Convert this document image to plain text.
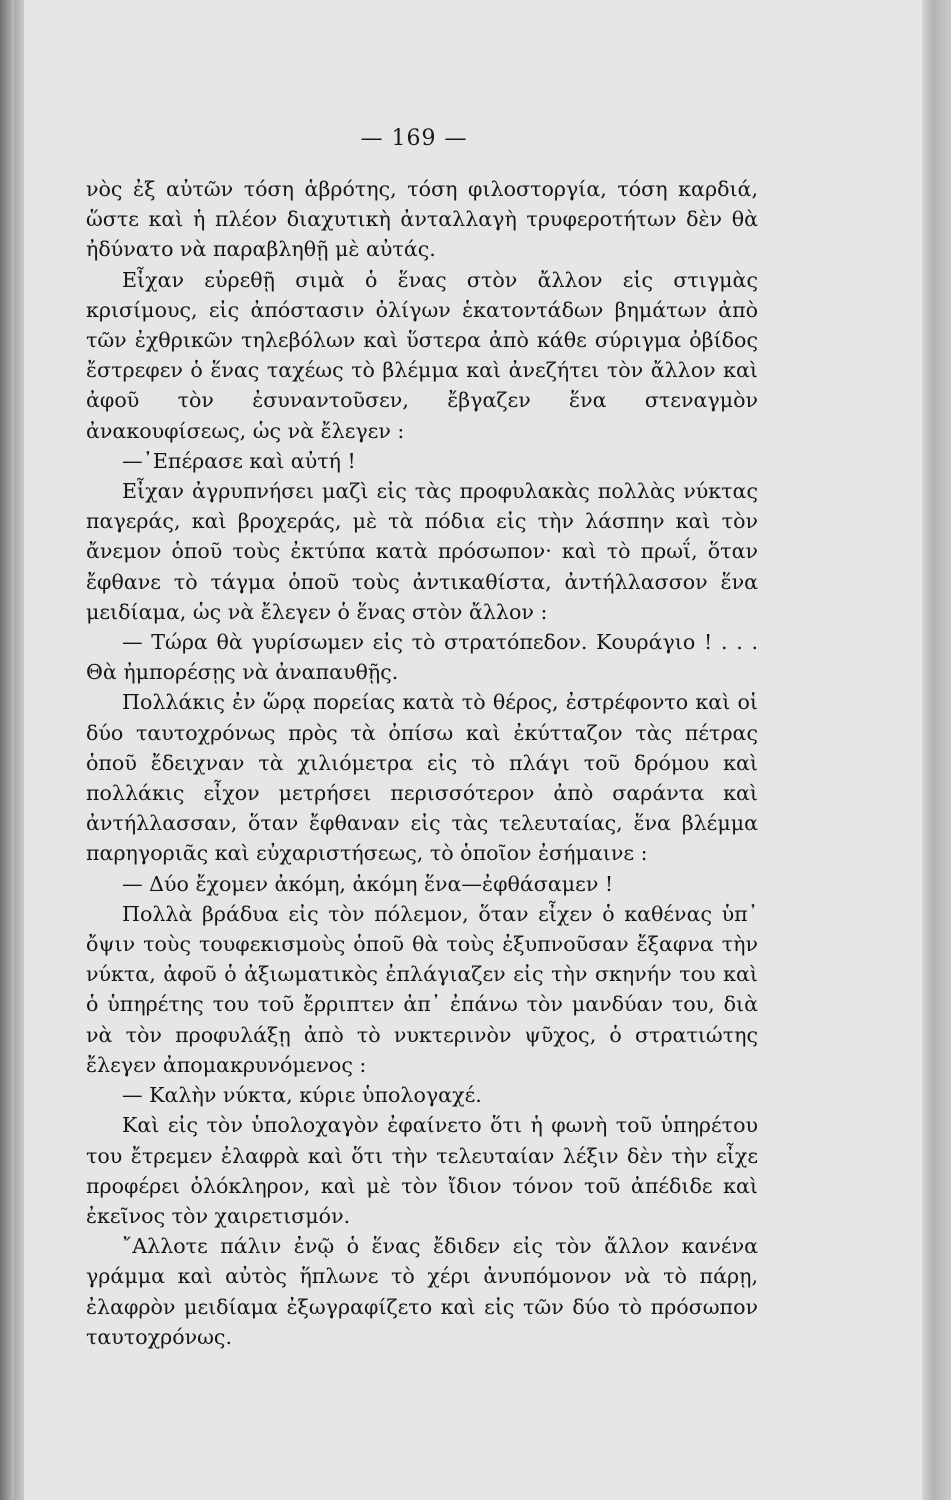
— 169 —

νὸς ἐξ αὐτῶν τόση ἁβρότης, τόση φιλοστοργία, τόση καρδιά, ὥστε καὶ ἡ πλέον διαχυτικὴ ἀνταλλαγὴ τρυφεροτήτων δὲν θὰ ἠδύνατο νὰ παραβληθῇ μὲ αὐτάς.

Εἶχαν εὑρεθῇ σιμὰ ὁ ἕνας στὸν ἄλλον εἰς στιγμὰς κρισίμους, εἰς ἀπόστασιν ὀλίγων ἑκατοντάδων βημάτων ἀπὸ τῶν ἐχθρικῶν τηλεβόλων καὶ ὕστερα ἀπὸ κάθε σύριγμα ὀβίδος ἔστρεφεν ὁ ἕνας ταχέως τὸ βλέμμα καὶ ἀνεζήτει τὸν ἄλλον καὶ ἀφοῦ τὸν ἐσυναντοῦσεν, ἔβγαζεν ἕνα στεναγμὸν ἀνακουφίσεως, ὡς νὰ ἔλεγεν :

—᾿Επέρασε καὶ αὐτή !

Εἶχαν ἀγρυπνήσει μαζὶ εἰς τὰς προφυλακὰς πολλὰς νύκτας παγεράς, καὶ βροχεράς, μὲ τὰ πόδια εἰς τὴν λάσπην καὶ τὸν ἄνεμον ὁποῦ τοὺς ἐκτύπα κατὰ πρόσωπον· καὶ τὸ πρωΐ, ὅταν ἔφθανε τὸ τάγμα ὁποῦ τοὺς ἀντικαθίστα, ἀντήλλασσον ἕνα μειδίαμα, ὡς νὰ ἔλεγεν ὁ ἕνας στὸν ἄλλον :

— Τώρα θὰ γυρίσωμεν εἰς τὸ στρατόπεδον. Κουράγιο ! . . . Θὰ ἠμπορέσῃς νὰ ἀναπαυθῇς.

Πολλάκις ἐν ὥρᾳ πορείας κατὰ τὸ θέρος, ἐστρέφοντο καὶ οἱ δύο ταυτοχρόνως πρὸς τὰ ὀπίσω καὶ ἐκύτταζον τὰς πέτρας ὁποῦ ἔδειχναν τὰ χιλιόμετρα εἰς τὸ πλάγι τοῦ δρόμου καὶ πολλάκις εἶχον μετρήσει περισσότερον ἀπὸ σαράντα καὶ ἀντήλλασσαν, ὅταν ἔφθαναν εἰς τὰς τελευταίας, ἕνα βλέμμα παρηγοριᾶς καὶ εὐχαριστήσεως, τὸ ὁποῖον ἐσήμαινε :

— Δύο ἔχομεν ἀκόμη, ἀκόμη ἕνα—ἐφθάσαμεν !

Πολλὰ βράδυα εἰς τὸν πόλεμον, ὅταν εἶχεν ὁ καθένας ὑπ᾿ ὄψιν τοὺς τουφεκισμοὺς ὁποῦ θὰ τοὺς ἐξυπνοῦσαν ἔξαφνα τὴν νύκτα, ἀφοῦ ὁ ἀξιωματικὸς ἐπλάγιαζεν εἰς τὴν σκηνήν του καὶ ὁ ὑπηρέτης του τοῦ ἔρριπτεν ἀπ᾿ ἐπάνω τὸν μανδύαν του, διὰ νὰ τὸν προφυλάξῃ ἀπὸ τὸ νυκτερινὸν ψῦχος, ὁ στρατιώτης ἔλεγεν ἀπομακρυνόμενος :

— Καλὴν νύκτα, κύριε ὑπολογαχέ.

Καὶ εἰς τὸν ὑπολοχαγὸν ἐφαίνετο ὅτι ἡ φωνὴ τοῦ ὑπηρέτου του ἔτρεμεν ἐλαφρὰ καὶ ὅτι τὴν τελευταίαν λέξιν δὲν τὴν εἶχε προφέρει ὁλόκληρον, καὶ μὲ τὸν ἴδιον τόνον τοῦ ἀπέδιδε καὶ ἐκεῖνος τὸν χαιρετισμόν.

῎Αλλοτε πάλιν ἐνῷ ὁ ἕνας ἔδιδεν εἰς τὸν ἄλλον κανένα γράμμα καὶ αὐτὸς ἥπλωνε τὸ χέρι ἀνυπόμονον νὰ τὸ πάρῃ, ἐλαφρὸν μειδίαμα ἐξωγραφίζετο καὶ εἰς τῶν δύο τὸ πρόσωπον ταυτοχρόνως.
